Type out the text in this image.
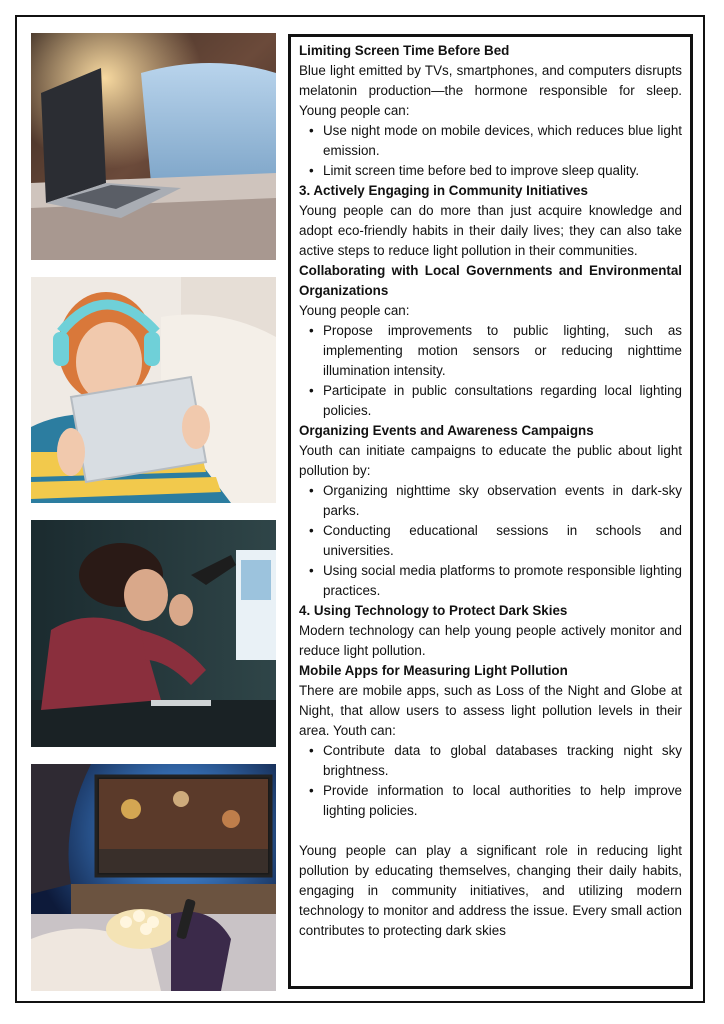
Limiting Screen Time Before Bed

Blue light emitted by TVs, smartphones, and computers disrupts melatonin production—the hormone responsible for sleep. Young people can:

• Use night mode on mobile devices, which reduces blue light emission.
• Limit screen time before bed to improve sleep quality.
3. Actively Engaging in Community Initiatives

Young people can do more than just acquire knowledge and adopt eco-friendly habits in their daily lives; they can also take active steps to reduce light pollution in their communities.

Collaborating with Local Governments and Environmental Organizations

Young people can:

• Propose improvements to public lighting, such as implementing motion sensors or reducing nighttime illumination intensity.
• Participate in public consultations regarding local lighting policies.
Organizing Events and Awareness Campaigns

Youth can initiate campaigns to educate the public about light pollution by:

• Organizing nighttime sky observation events in dark-sky parks.
• Conducting educational sessions in schools and universities.
• Using social media platforms to promote responsible lighting practices.
4. Using Technology to Protect Dark Skies

Modern technology can help young people actively monitor and reduce light pollution.

Mobile Apps for Measuring Light Pollution

There are mobile apps, such as Loss of the Night and Globe at Night, that allow users to assess light pollution levels in their area. Youth can:

• Contribute data to global databases tracking night sky brightness.
• Provide information to local authorities to help improve lighting policies.

Young people can play a significant role in reducing light pollution by educating themselves, changing their daily habits, engaging in community initiatives, and utilizing modern technology to monitor and address the issue. Every small action contributes to protecting dark skies
